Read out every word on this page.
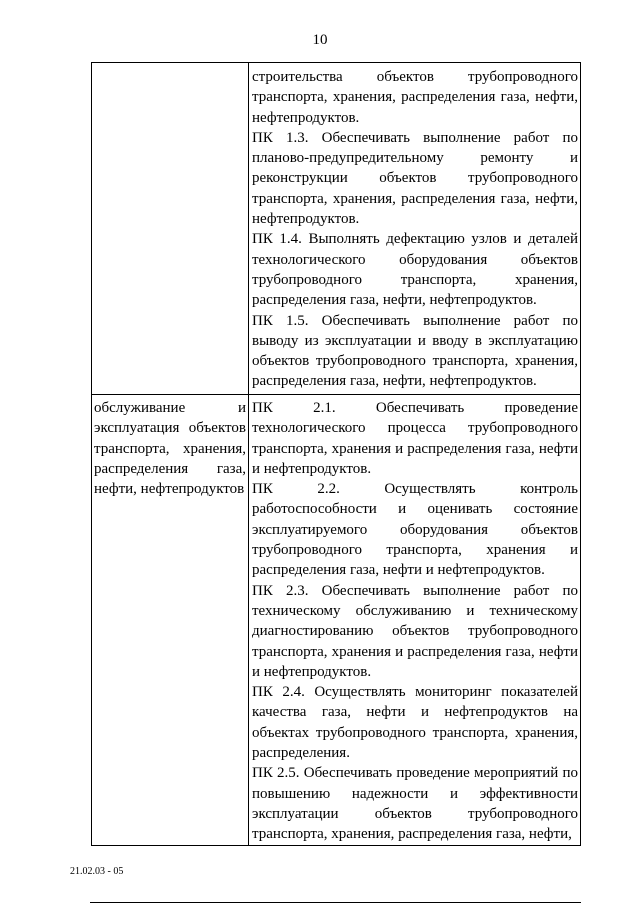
10

	строительства объектов трубопроводного транспорта, хранения, распределения газа, нефти, нефтепродуктов.

ПК 1.3. Обеспечивать выполнение работ по планово-предупредительному ремонту и реконструкции объектов трубопроводного транспорта, хранения, распределения газа, нефти, нефтепродуктов.

ПК 1.4. Выполнять дефектацию узлов и деталей технологического оборудования объектов трубопроводного транспорта, хранения, распределения газа, нефти, нефтепродуктов.

ПК 1.5. Обеспечивать выполнение работ по выводу из эксплуатации и вводу в эксплуатацию объектов трубопроводного транспорта, хранения, распределения газа, нефти, нефтепродуктов.

обслуживание и эксплуатация объектов транспорта, хранения, распределения газа, нефти, нефтепродуктов	ПК 2.1. Обеспечивать проведение технологического процесса трубопроводного транспорта, хранения и распределения газа, нефти и нефтепродуктов.

ПК 2.2. Осуществлять контроль работоспособности и оценивать состояние эксплуатируемого оборудования объектов трубопроводного транспорта, хранения и распределения газа, нефти и нефтепродуктов.

ПК 2.3. Обеспечивать выполнение работ по техническому обслуживанию и техническому диагностированию объектов трубопроводного транспорта, хранения и распределения газа, нефти и нефтепродуктов.

ПК 2.4. Осуществлять мониторинг показателей качества газа, нефти и нефтепродуктов на объектах трубопроводного транспорта, хранения, распределения.

ПК 2.5. Обеспечивать проведение мероприятий по повышению надежности и эффективности эксплуатации объектов трубопроводного транспорта, хранения, распределения газа, нефти,

21.02.03 - 05
